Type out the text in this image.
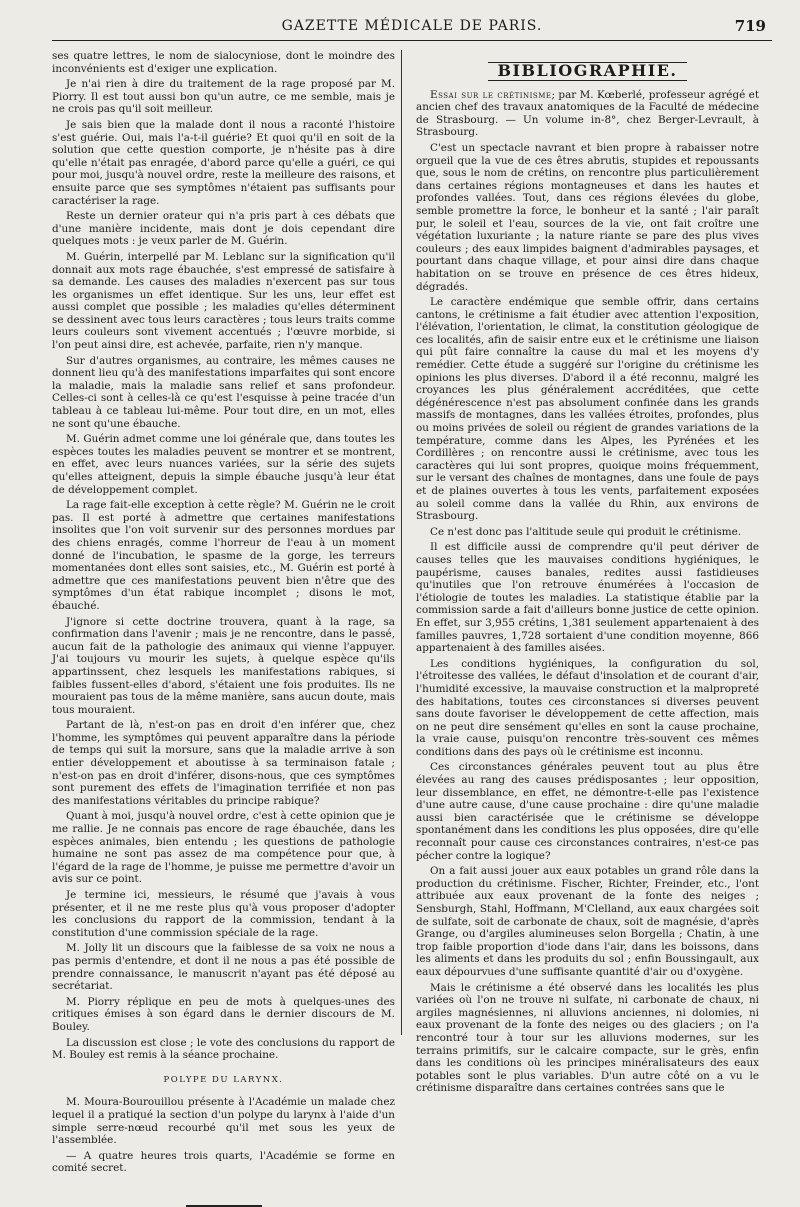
GAZETTE MÉDICALE DE PARIS.	719

ses quatre lettres, le nom de sialocyniose, dont le moindre des inconvénients est d'exiger une explication.

Je n'ai rien à dire du traitement de la rage proposé par M. Piorry. Il est tout aussi bon qu'un autre, ce me semble, mais je ne crois pas qu'il soit meilleur.

Je sais bien que la malade dont il nous a raconté l'histoire s'est guérie. Oui, mais l'a-t-il guérie? Et quoi qu'il en soit de la solution que cette question comporte, je n'hésite pas à dire qu'elle n'était pas enragée, d'abord parce qu'elle a guéri, ce qui pour moi, jusqu'à nouvel ordre, reste la meilleure des raisons, et ensuite parce que ses symptômes n'étaient pas suffisants pour caractériser la rage.

Reste un dernier orateur qui n'a pris part à ces débats que d'une manière incidente, mais dont je dois cependant dire quelques mots : je veux parler de M. Guérin.

M. Guérin, interpellé par M. Leblanc sur la signification qu'il donnait aux mots rage ébauchée, s'est empressé de satisfaire à sa demande. Les causes des maladies n'exercent pas sur tous les organismes un effet identique. Sur les uns, leur effet est aussi complet que possible ; les maladies qu'elles déterminent se dessinent avec tous leurs caractères ; tous leurs traits comme leurs couleurs sont vivement accentués ; l'œuvre morbide, si l'on peut ainsi dire, est achevée, parfaite, rien n'y manque.

Sur d'autres organismes, au contraire, les mêmes causes ne donnent lieu qu'à des manifestations imparfaites qui sont encore la maladie, mais la maladie sans relief et sans profondeur. Celles-ci sont à celles-là ce qu'est l'esquisse à peine tracée d'un tableau à ce tableau lui-même. Pour tout dire, en un mot, elles ne sont qu'une ébauche.

M. Guérin admet comme une loi générale que, dans toutes les espèces toutes les maladies peuvent se montrer et se montrent, en effet, avec leurs nuances variées, sur la série des sujets qu'elles atteignent, depuis la simple ébauche jusqu'à leur état de développement complet.

La rage fait-elle exception à cette règle? M. Guérin ne le croit pas. Il est porté à admettre que certaines manifestations insolites que l'on voit survenir sur des personnes mordues par des chiens enragés, comme l'horreur de l'eau à un moment donné de l'incubation, le spasme de la gorge, les terreurs momentanées dont elles sont saisies, etc., M. Guérin est porté à admettre que ces manifestations peuvent bien n'être que des symptômes d'un état rabique incomplet ; disons le mot, ébauché.

J'ignore si cette doctrine trouvera, quant à la rage, sa confirmation dans l'avenir ; mais je ne rencontre, dans le passé, aucun fait de la pathologie des animaux qui vienne l'appuyer. J'ai toujours vu mourir les sujets, à quelque espèce qu'ils appartinssent, chez lesquels les manifestations rabiques, si faibles fussent-elles d'abord, s'étaient une fois produites. Ils ne mouraient pas tous de la même manière, sans aucun doute, mais tous mouraient.

Partant de là, n'est-on pas en droit d'en inférer que, chez l'homme, les symptômes qui peuvent apparaître dans la période de temps qui suit la morsure, sans que la maladie arrive à son entier développement et aboutisse à sa terminaison fatale ; n'est-on pas en droit d'inférer, disons-nous, que ces symptômes sont purement des effets de l'imagination terrifiée et non pas des manifestations véritables du principe rabique?

Quant à moi, jusqu'à nouvel ordre, c'est à cette opinion que je me rallie. Je ne connais pas encore de rage ébauchée, dans les espèces animales, bien entendu ; les questions de pathologie humaine ne sont pas assez de ma compétence pour que, à l'égard de la rage de l'homme, je puisse me permettre d'avoir un avis sur ce point.

Je termine ici, messieurs, le résumé que j'avais à vous présenter, et il ne me reste plus qu'à vous proposer d'adopter les conclusions du rapport de la commission, tendant à la constitution d'une commission spéciale de la rage.

M. Jolly lit un discours que la faiblesse de sa voix ne nous a pas permis d'entendre, et dont il ne nous a pas été possible de prendre connaissance, le manuscrit n'ayant pas été déposé au secrétariat.

M. Piorry réplique en peu de mots à quelques-unes des critiques émises à son égard dans le dernier discours de M. Bouley.

La discussion est close ; le vote des conclusions du rapport de M. Bouley est remis à la séance prochaine.

POLYPE DU LARYNX.

M. Moura-Bourouillou présente à l'Académie un malade chez lequel il a pratiqué la section d'un polype du larynx à l'aide d'un simple serre-nœud recourbé qu'il met sous les yeux de l'assemblée.

— A quatre heures trois quarts, l'Académie se forme en comité secret.

BIBLIOGRAPHIE.

Essai sur le crétinisme; par M. Kœberlé, professeur agrégé et ancien chef des travaux anatomiques de la Faculté de médecine de Strasbourg. — Un volume in-8°, chez Berger-Levrault, à Strasbourg.

C'est un spectacle navrant et bien propre à rabaisser notre orgueil que la vue de ces êtres abrutis, stupides et repoussants que, sous le nom de crétins, on rencontre plus particulièrement dans certaines régions montagneuses et dans les hautes et profondes vallées. Tout, dans ces régions élevées du globe, semble promettre la force, le bonheur et la santé ; l'air paraît pur, le soleil et l'eau, sources de la vie, ont fait croître une végétation luxuriante ; la nature riante se pare des plus vives couleurs ; des eaux limpides baignent d'admirables paysages, et pourtant dans chaque village, et pour ainsi dire dans chaque habitation on se trouve en présence de ces êtres hideux, dégradés.

Le caractère endémique que semble offrir, dans certains cantons, le crétinisme a fait étudier avec attention l'exposition, l'élévation, l'orientation, le climat, la constitution géologique de ces localités, afin de saisir entre eux et le crétinisme une liaison qui pût faire connaître la cause du mal et les moyens d'y remédier. Cette étude a suggéré sur l'origine du crétinisme les opinions les plus diverses. D'abord il a été reconnu, malgré les croyances les plus généralement accréditées, que cette dégénérescence n'est pas absolument confinée dans les grands massifs de montagnes, dans les vallées étroites, profondes, plus ou moins privées de soleil ou régient de grandes variations de la température, comme dans les Alpes, les Pyrénées et les Cordillères ; on rencontre aussi le crétinisme, avec tous les caractères qui lui sont propres, quoique moins fréquemment, sur le versant des chaînes de montagnes, dans une foule de pays et de plaines ouvertes à tous les vents, parfaitement exposées au soleil comme dans la vallée du Rhin, aux environs de Strasbourg.

Ce n'est donc pas l'altitude seule qui produit le crétinisme.

Il est difficile aussi de comprendre qu'il peut dériver de causes telles que les mauvaises conditions hygiéniques, le paupérisme, causes banales, redites aussi fastidieuses qu'inutiles que l'on retrouve énumérées à l'occasion de l'étiologie de toutes les maladies. La statistique établie par la commission sarde a fait d'ailleurs bonne justice de cette opinion. En effet, sur 3,955 crétins, 1,381 seulement appartenaient à des familles pauvres, 1,728 sortaient d'une condition moyenne, 866 appartenaient à des familles aisées.

Les conditions hygiéniques, la configuration du sol, l'étroitesse des vallées, le défaut d'insolation et de courant d'air, l'humidité excessive, la mauvaise construction et la malpropreté des habitations, toutes ces circonstances si diverses peuvent sans doute favoriser le développement de cette affection, mais on ne peut dire sensément qu'elles en sont la cause prochaine, la vraie cause, puisqu'on rencontre très-souvent ces mêmes conditions dans des pays où le crétinisme est inconnu.

Ces circonstances générales peuvent tout au plus être élevées au rang des causes prédisposantes ; leur opposition, leur dissemblance, en effet, ne démontre-t-elle pas l'existence d'une autre cause, d'une cause prochaine : dire qu'une maladie aussi bien caractérisée que le crétinisme se développe spontanément dans les conditions les plus opposées, dire qu'elle reconnaît pour cause ces circonstances contraires, n'est-ce pas pécher contre la logique?

On a fait aussi jouer aux eaux potables un grand rôle dans la production du crétinisme. Fischer, Richter, Freinder, etc., l'ont attribuée aux eaux provenant de la fonte des neiges ; Sensburgh, Stahl, Hoffmann, M'Clelland, aux eaux chargées soit de sulfate, soit de carbonate de chaux, soit de magnésie, d'après Grange, ou d'argiles alumineuses selon Borgella ; Chatin, à une trop faible proportion d'iode dans l'air, dans les boissons, dans les aliments et dans les produits du sol ; enfin Boussingault, aux eaux dépourvues d'une suffisante quantité d'air ou d'oxygène.

Mais le crétinisme a été observé dans les localités les plus variées où l'on ne trouve ni sulfate, ni carbonate de chaux, ni argiles magnésiennes, ni alluvions anciennes, ni dolomies, ni eaux provenant de la fonte des neiges ou des glaciers ; on l'a rencontré tour à tour sur les alluvions modernes, sur les terrains primitifs, sur le calcaire compacte, sur le grès, enfin dans les conditions où les principes minéralisateurs des eaux potables sont le plus variables. D'un autre côté on a vu le crétinisme disparaître dans certaines contrées sans que le
